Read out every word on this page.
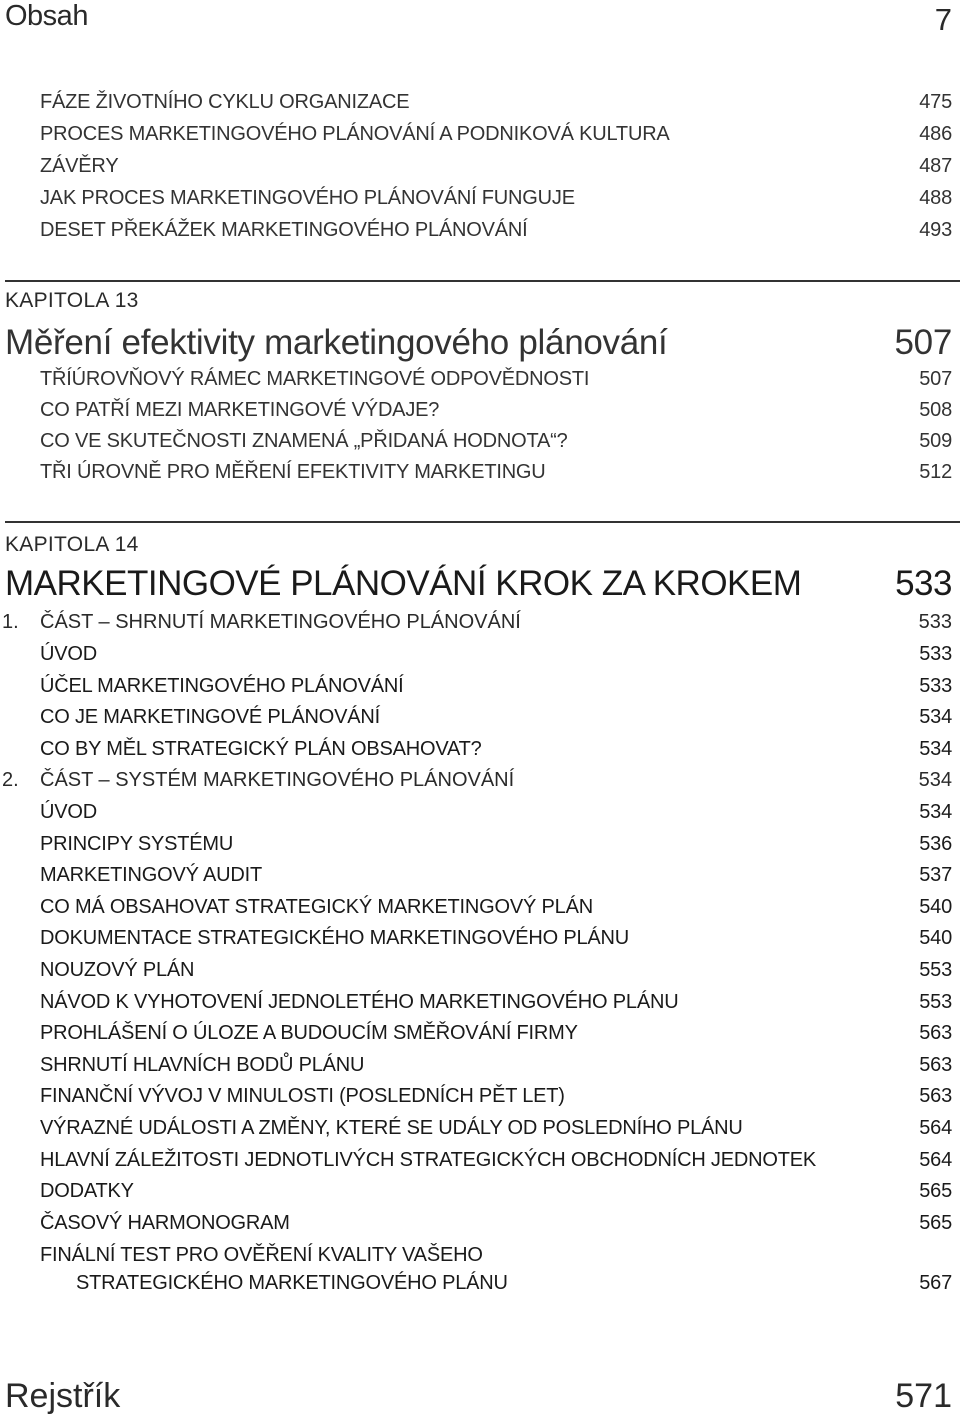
Obsah	7
FÁZE ŽIVOTNÍHO CYKLU ORGANIZACE	475
PROCES MARKETINGOVÉHO PLÁNOVÁNÍ A PODNIKOVÁ KULTURA	486
ZÁVĚRY	487
JAK PROCES MARKETINGOVÉHO PLÁNOVÁNÍ FUNGUJE	488
DESET PŘEKÁŽEK MARKETINGOVÉHO PLÁNOVÁNÍ	493
KAPITOLA 13
Měření efektivity marketingového plánování	507
TŘÍÚROVŇOVÝ RÁMEC MARKETINGOVÉ ODPOVĚDNOSTI	507
CO PATŘÍ MEZI MARKETINGOVÉ VÝDAJE?	508
CO VE SKUTEČNOSTI ZNAMENÁ „PŘIDANÁ HODNOTA“?	509
TŘI ÚROVNĚ PRO MĚŘENÍ EFEKTIVITY MARKETINGU	512
KAPITOLA 14
MARKETINGOVÉ PLÁNOVÁNÍ KROK ZA KROKEM	533
1. ČÁST – SHRNUTÍ MARKETINGOVÉHO PLÁNOVÁNÍ	533
ÚVOD	533
ÚČEL MARKETINGOVÉHO PLÁNOVÁNÍ	533
CO JE MARKETINGOVÉ PLÁNOVÁNÍ	534
CO BY MĚL STRATEGICKÝ PLÁN OBSAHOVAT?	534
2. ČÁST – SYSTÉM MARKETINGOVÉHO PLÁNOVÁNÍ	534
ÚVOD	534
PRINCIPY SYSTÉMU	536
MARKETINGOVÝ AUDIT	537
CO MÁ OBSAHOVAT STRATEGICKÝ MARKETINGOVÝ PLÁN	540
DOKUMENTACE STRATEGICKÉHO MARKETINGOVÉHO PLÁNU	540
NOUZOVÝ PLÁN	553
NÁVOD K VYHOTOVENÍ JEDNOLETÉHO MARKETINGOVÉHO PLÁNU	553
PROHLÁŠENÍ O ÚLOZE A BUDOUCÍM SMĚŘOVÁNÍ FIRMY	563
SHRNUTÍ HLAVNÍCH BODŮ PLÁNU	563
FINANČNÍ VÝVOJ V MINULOSTI (POSLEDNÍCH PĚT LET)	563
VÝRAZNÉ UDÁLOSTI A ZMĚNY, KTERÉ SE UDÁLY OD POSLEDNÍHO PLÁNU	564
HLAVNÍ ZÁLEŽITOSTI JEDNOTLIVÝCH STRATEGICKÝCH OBCHODNÍCH JEDNOTEK	564
DODATKY	565
ČASOVÝ HARMONOGRAM	565
FINÁLNÍ TEST PRO OVĚŘENÍ KVALITY VAŠEHO
STRATEGICKÉHO MARKETINGOVÉHO PLÁNU	567
Rejstřík	571
